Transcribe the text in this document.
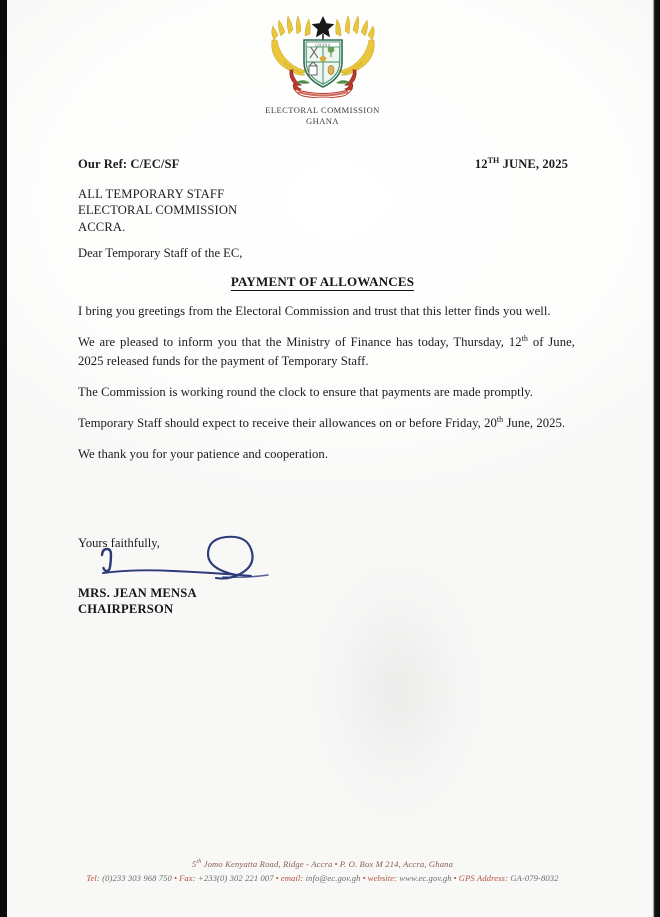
GHANA
ELECTORAL COMMISSION
GHANA
Our Ref: C/EC/SF	12TH JUNE, 2025
ALL TEMPORARY STAFF
ELECTORAL COMMISSION
ACCRA.
Dear Temporary Staff of the EC,
PAYMENT OF ALLOWANCES

I bring you greetings from the Electoral Commission and trust that this letter finds you well.

We are pleased to inform you that the Ministry of Finance has today, Thursday, 12th of June, 2025 released funds for the payment of Temporary Staff.

The Commission is working round the clock to ensure that payments are made promptly.

Temporary Staff should expect to receive their allowances on or before Friday, 20th June, 2025.

We thank you for your patience and cooperation.

Yours faithfully,
MRS. JEAN MENSA
CHAIRPERSON
5th Jomo Kenyatta Road, Ridge - Accra • P. O. Box M 214, Accra, Ghana
Tel: (0)233 303 968 750 • Fax: +233(0) 302 221 007 • email: info@ec.gov.gh • website: www.ec.gov.gh • GPS Address: GA-079-8032
